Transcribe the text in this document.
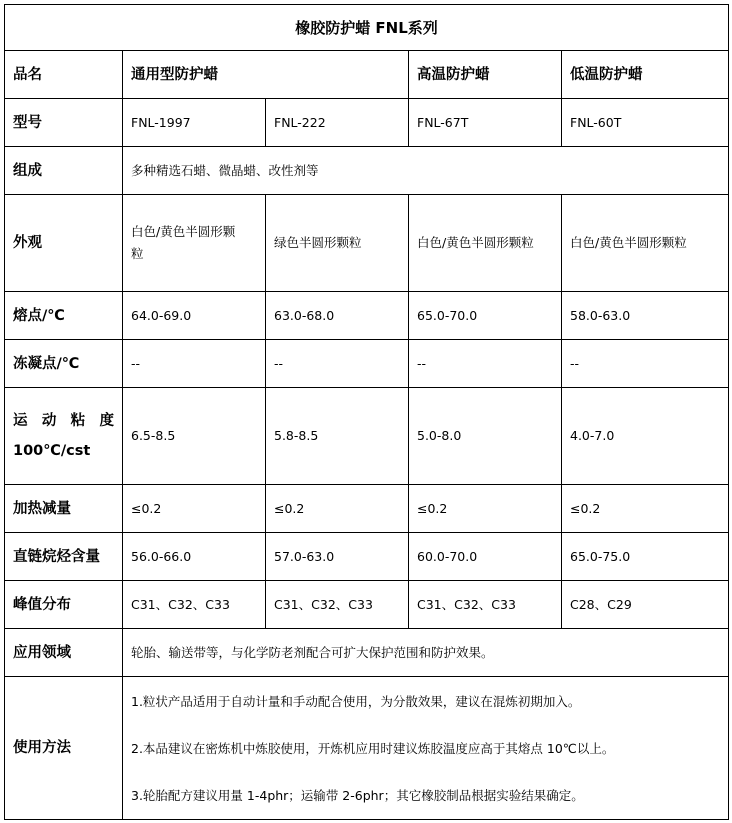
橡胶防护蜡 FNL系列				
品名	通用型防护蜡		高温防护蜡	低温防护蜡
型号	FNL-1997	FNL-222	FNL-67T	FNL-60T
组成	多种精选石蜡、微晶蜡、改性剂等			
外观	白色/黄色半圆形颗粒	绿色半圆形颗粒	白色/黄色半圆形颗粒	白色/黄色半圆形颗粒
熔点/℃	64.0-69.0	63.0-68.0	65.0-70.0	58.0-63.0
冻凝点/℃	--	--	--	--

运动粘度
100℃/cst	6.5-8.5	5.8-8.5	5.0-8.0	4.0-7.0
加热减量	≤0.2	≤0.2	≤0.2	≤0.2
直链烷烃含量	56.0-66.0	57.0-63.0	60.0-70.0	65.0-75.0
峰值分布	C31、C32、C33	C31、C32、C33	C31、C32、C33	C28、C29
应用领域	轮胎、输送带等，与化学防老剂配合可扩大保护范围和防护效果。			
使用方法	1.粒状产品适用于自动计量和手动配合使用，为分散效果，建议在混炼初期加入。

2.本品建议在密炼机中炼胶使用，开炼机应用时建议炼胶温度应高于其熔点 10℃以上。

3.轮胎配方建议用量 1-4phr；运输带 2-6phr；其它橡胶制品根据实验结果确定。			
